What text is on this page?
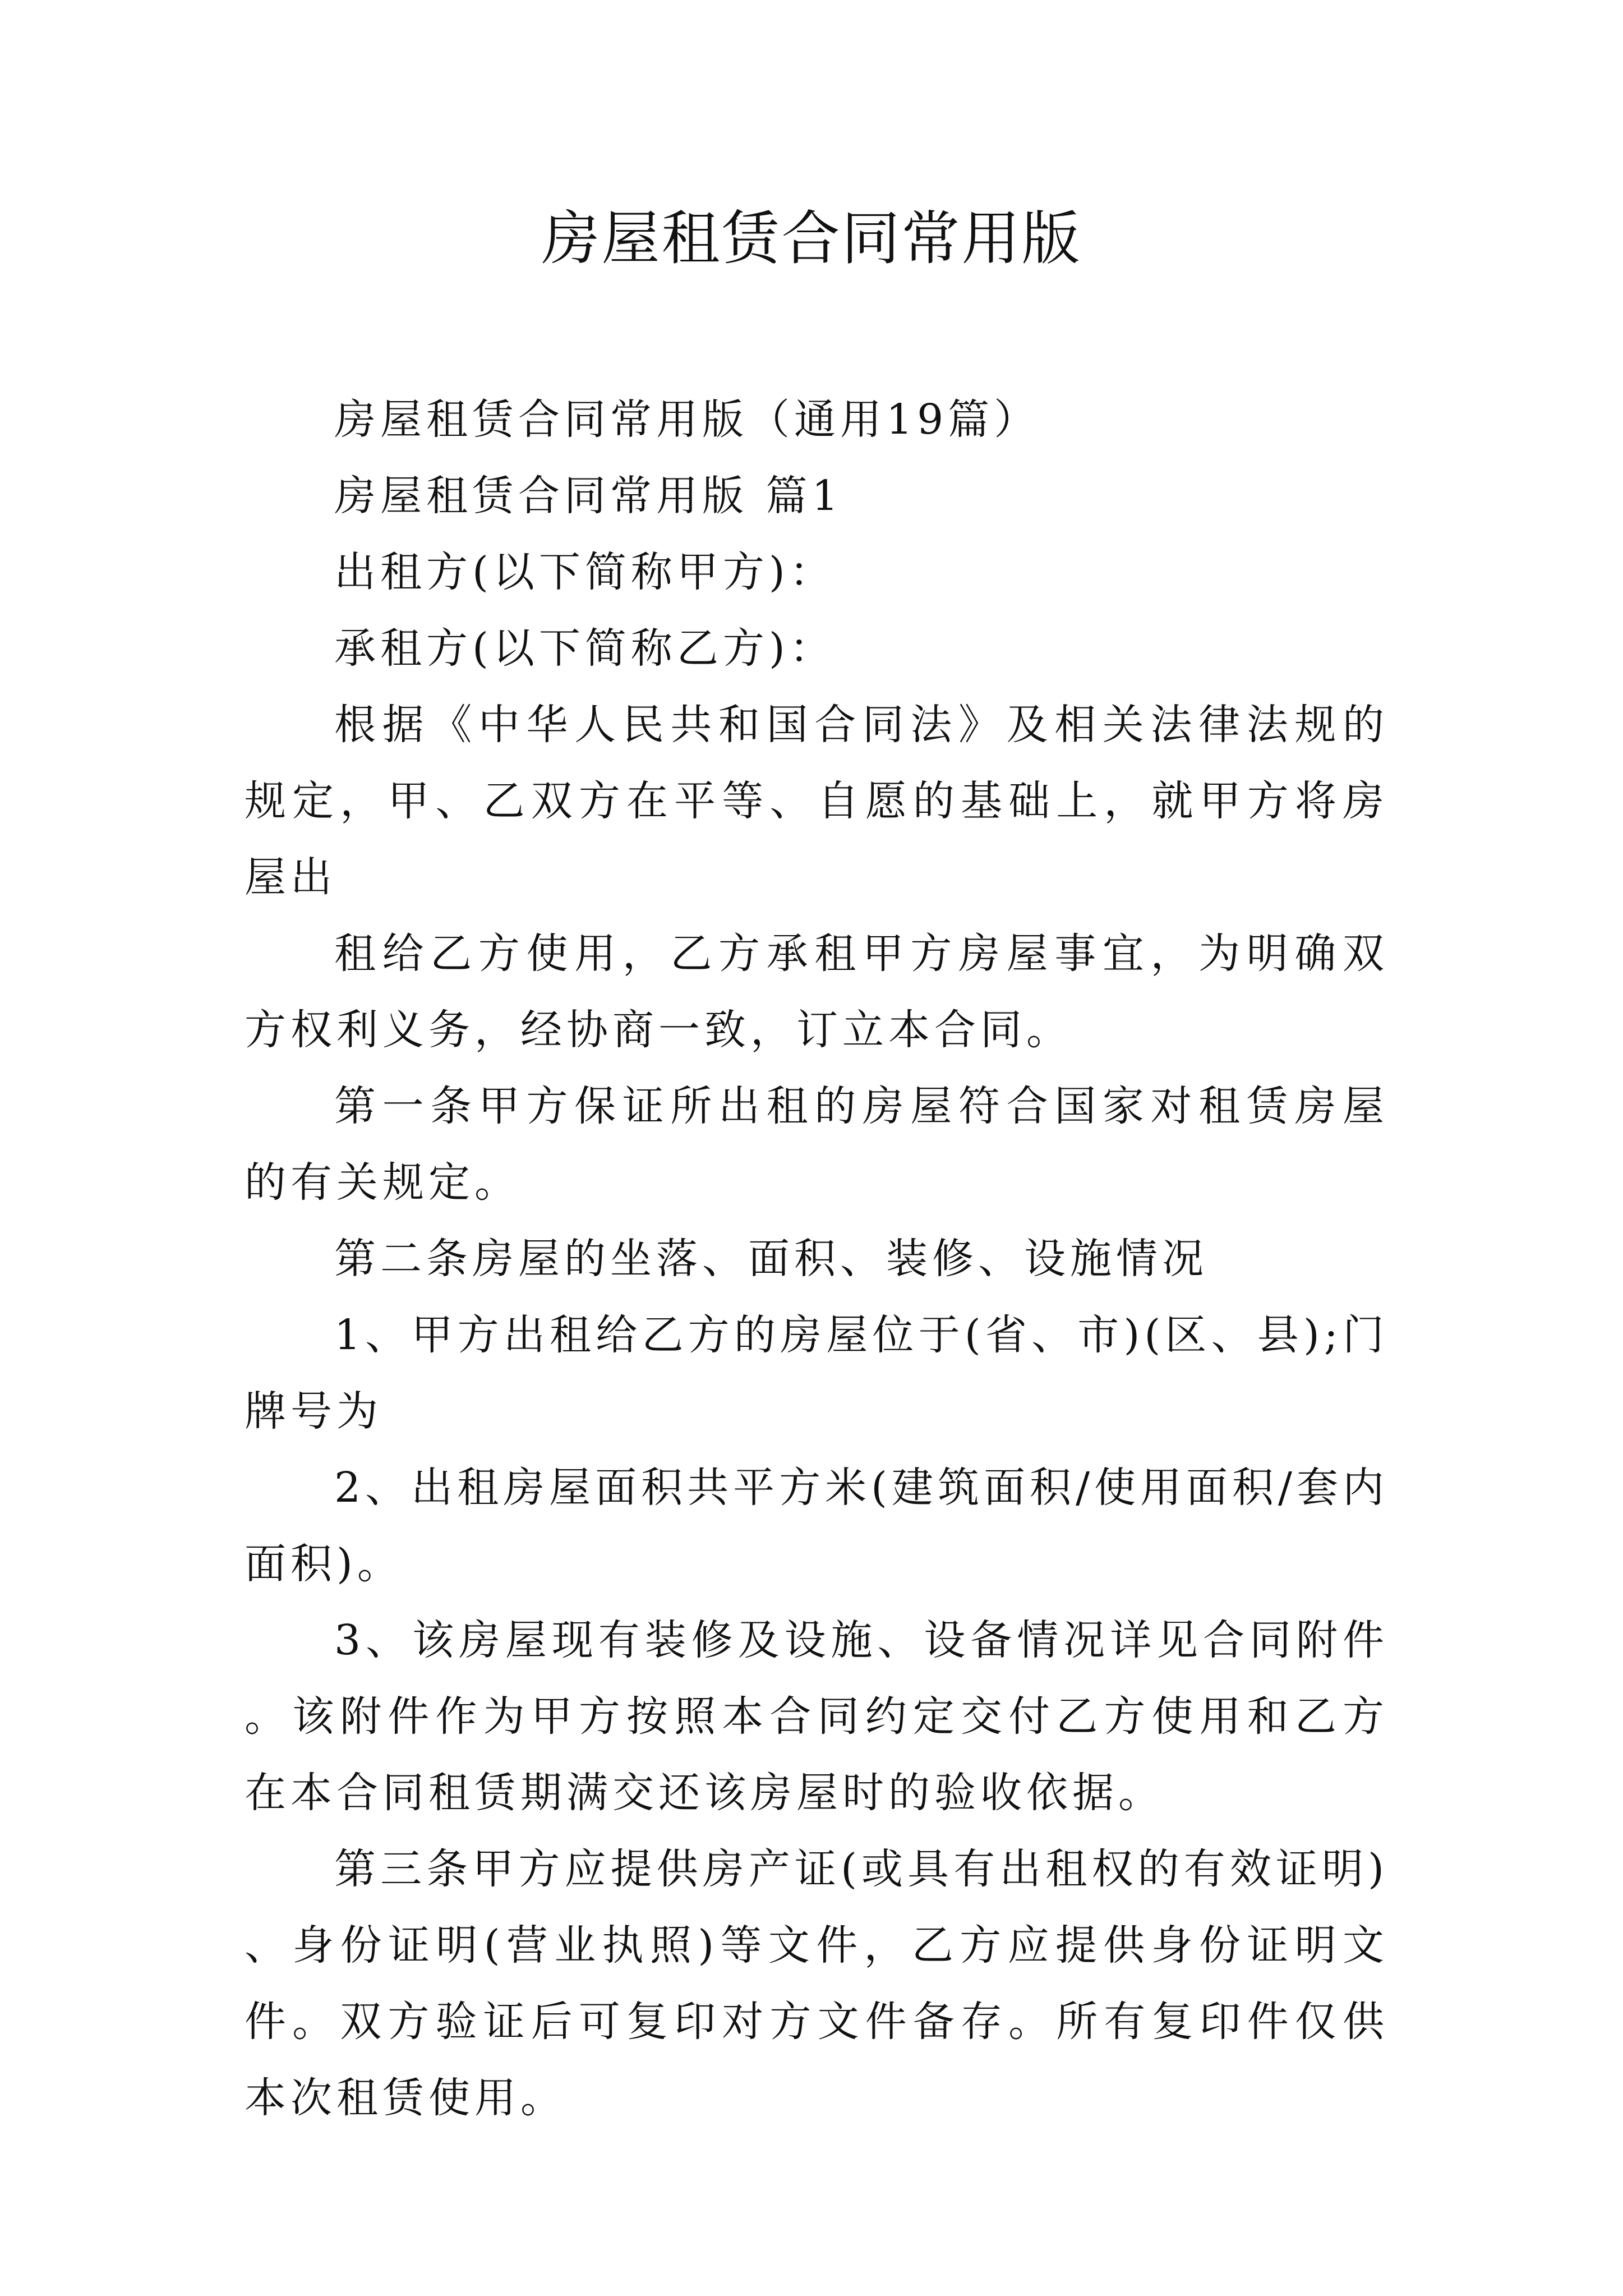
房屋租赁合同常用版

房屋租赁合同常用版（通用19篇）

房屋租赁合同常用版 篇1

出租方(以下简称甲方)：

承租方(以下简称乙方)：

根据《中华人民共和国合同法》及相关法律法规的规定，甲、乙双方在平等、自愿的基础上，就甲方将房屋出

租给乙方使用，乙方承租甲方房屋事宜，为明确双方权利义务，经协商一致，订立本合同。

第一条甲方保证所出租的房屋符合国家对租赁房屋的有关规定。

第二条房屋的坐落、面积、装修、设施情况

1、甲方出租给乙方的房屋位于(省、市)(区、县);门牌号为

2、出租房屋面积共平方米(建筑面积/使用面积/套内面积)。

3、该房屋现有装修及设施、设备情况详见合同附件。该附件作为甲方按照本合同约定交付乙方使用和乙方在本合同租赁期满交还该房屋时的验收依据。

第三条甲方应提供房产证(或具有出租权的有效证明)、身份证明(营业执照)等文件，乙方应提供身份证明文件。双方验证后可复印对方文件备存。所有复印件仅供本次租赁使用。
